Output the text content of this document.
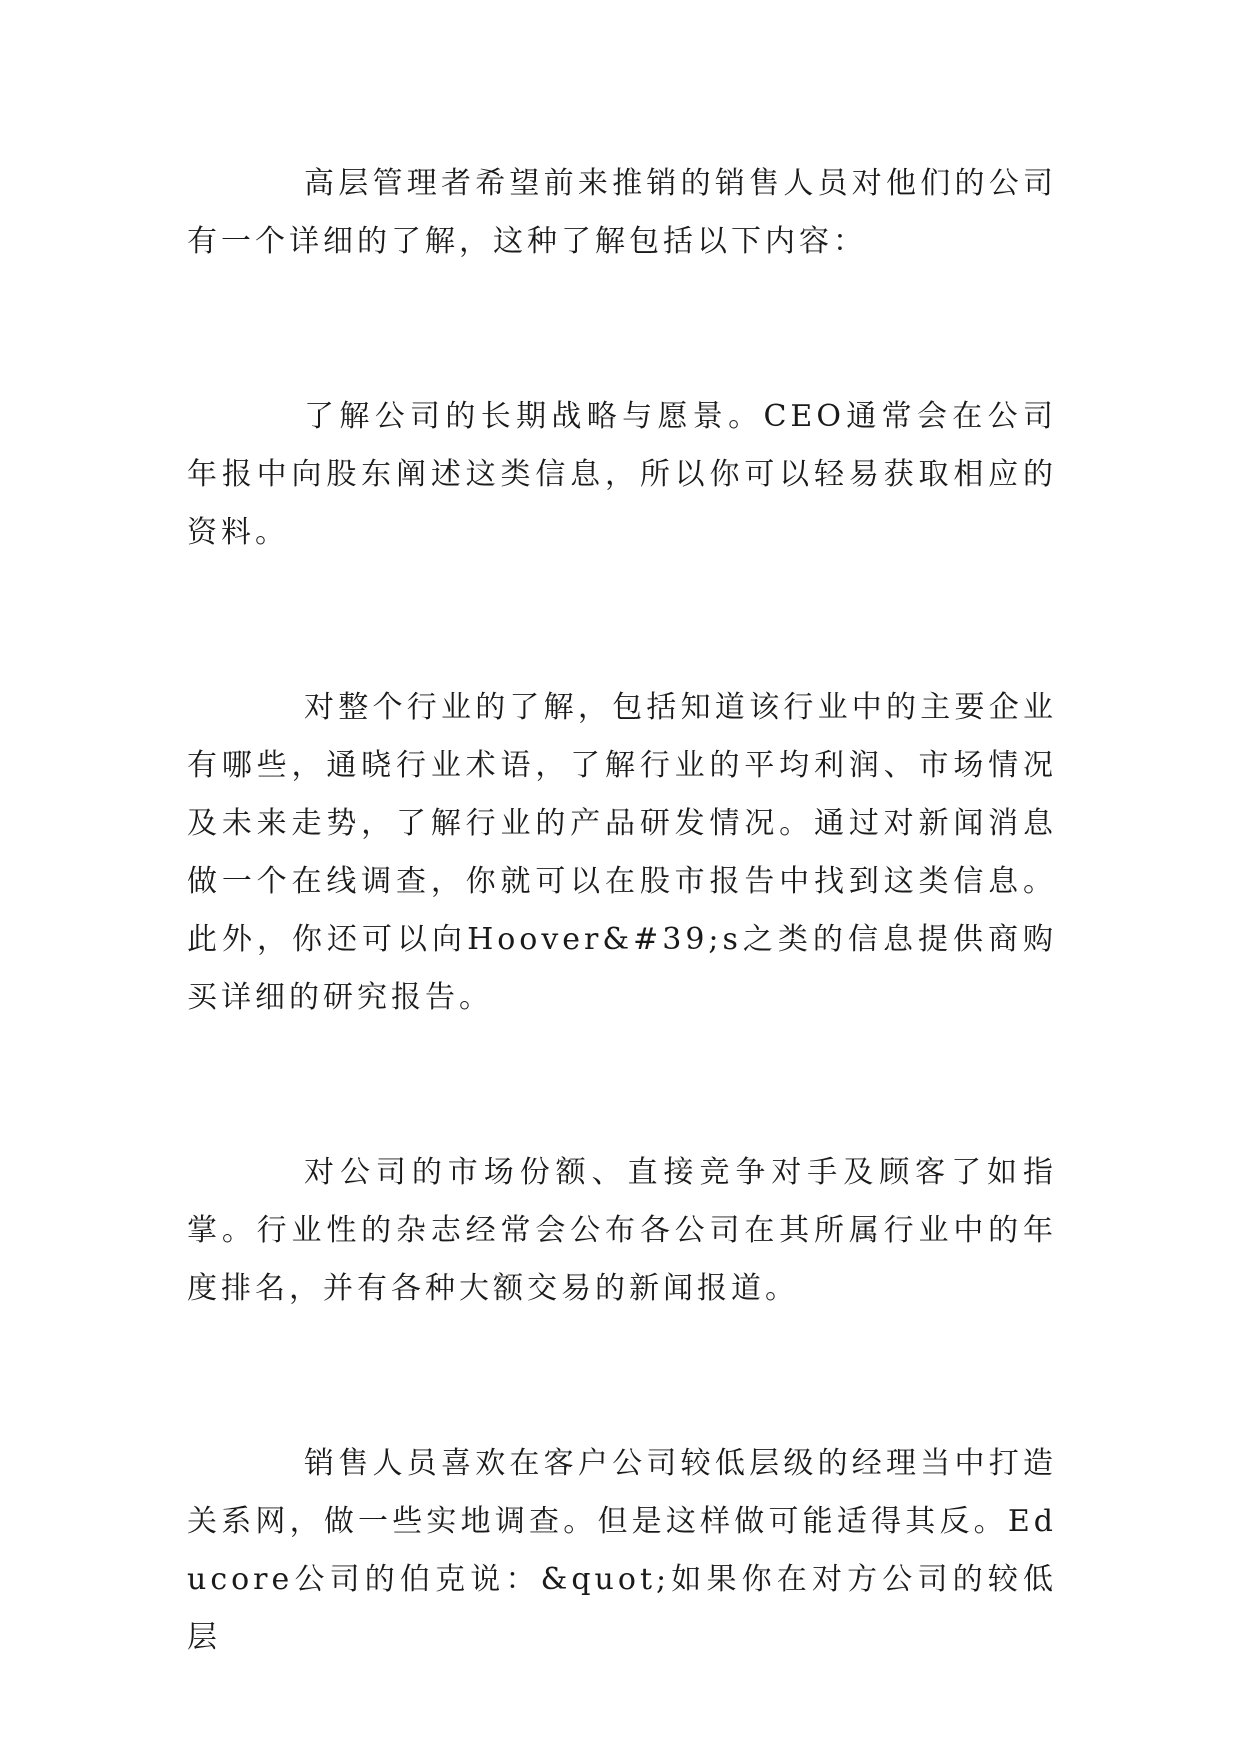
高层管理者希望前来推销的销售人员对他们的公司有一个详细的了解，这种了解包括以下内容：

了解公司的长期战略与愿景。CEO通常会在公司年报中向股东阐述这类信息，所以你可以轻易获取相应的资料。

对整个行业的了解，包括知道该行业中的主要企业有哪些，通晓行业术语，了解行业的平均利润、市场情况及未来走势，了解行业的产品研发情况。通过对新闻消息做一个在线调查，你就可以在股市报告中找到这类信息。此外，你还可以向Hoover&#39;s之类的信息提供商购买详细的研究报告。

对公司的市场份额、直接竞争对手及顾客了如指掌。行业性的杂志经常会公布各公司在其所属行业中的年度排名，并有各种大额交易的新闻报道。

销售人员喜欢在客户公司较低层级的经理当中打造关系网，做一些实地调查。但是这样做可能适得其反。Educore公司的伯克说：&quot;如果你在对方公司的较低层
